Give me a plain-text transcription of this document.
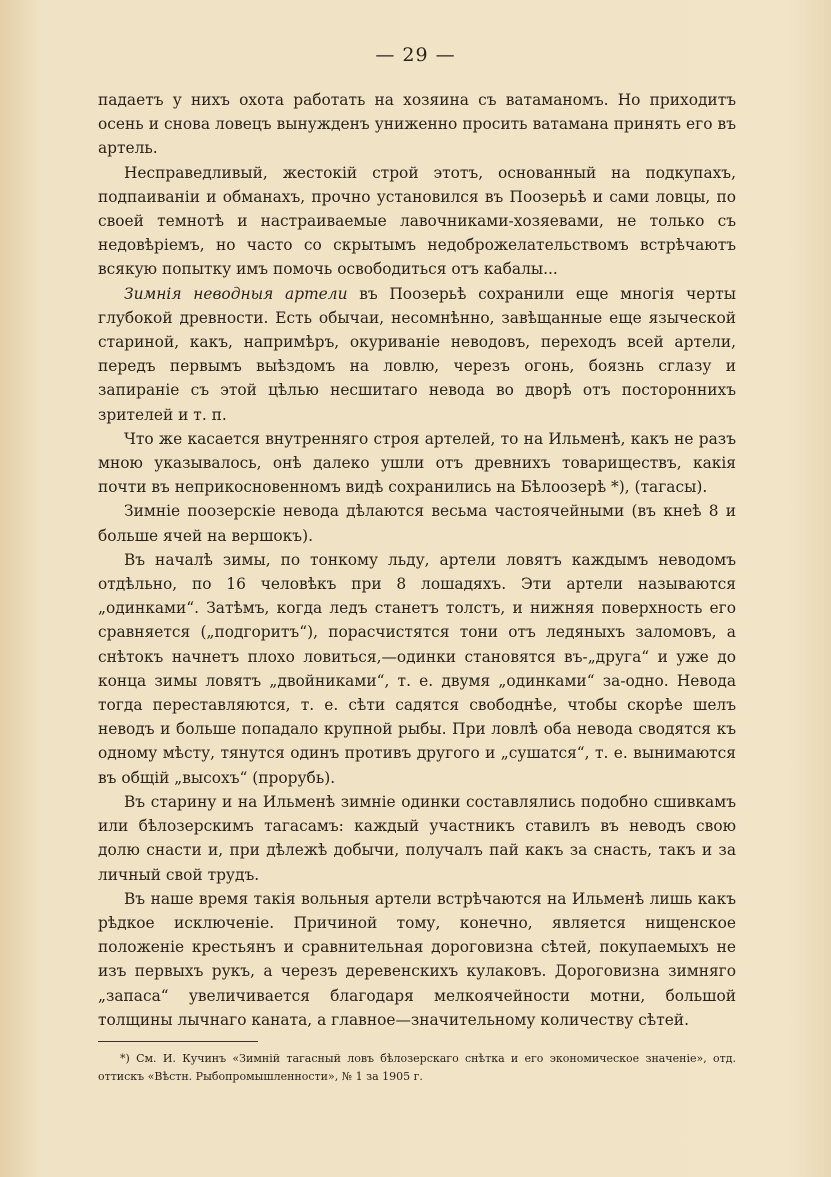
— 29 —

падаетъ у нихъ охота работать на хозяина съ ватаманомъ. Но приходитъ осень и снова ловецъ вынужденъ униженно просить ватамана принять его въ артель.

Несправедливый, жестокій строй этотъ, основанный на подкупахъ, подпаиваніи и обманахъ, прочно установился въ Поозерьѣ и сами ловцы, по своей темнотѣ и настраиваемые лавочниками-хозяевами, не только съ недовѣріемъ, но часто со скрытымъ недоброжелательствомъ встрѣчаютъ всякую попытку имъ помочь освободиться отъ кабалы...

Зимнія неводныя артели въ Поозерьѣ сохранили еще многія черты глубокой древности. Есть обычаи, несомнѣнно, завѣщанные еще языческой стариной, какъ, напримѣръ, окуриваніе неводовъ, переходъ всей артели, передъ первымъ выѣздомъ на ловлю, черезъ огонь, боязнь сглазу и запираніе съ этой цѣлью несшитаго невода во дворѣ отъ постороннихъ зрителей и т. п.

Что же касается внутренняго строя артелей, то на Ильменѣ, какъ не разъ мною указывалось, онѣ далеко ушли отъ древнихъ товариществъ, какія почти въ неприкосновенномъ видѣ сохранились на Бѣлоозерѣ *), (тагасы).

Зимніе поозерскіе невода дѣлаются весьма частоячейными (въ кнеѣ 8 и больше ячей на вершокъ).

Въ началѣ зимы, по тонкому льду, артели ловятъ каждымъ неводомъ отдѣльно, по 16 человѣкъ при 8 лошадяхъ. Эти артели называются „одинками“. Затѣмъ, когда ледъ станетъ толстъ, и нижняя поверхность его сравняется („подгоритъ“), порасчистятся тони отъ ледяныхъ заломовъ, а снѣтокъ начнетъ плохо ловиться,—одинки становятся въ-„друга“ и уже до конца зимы ловятъ „двойниками“, т. е. двумя „одинками“ за-одно. Невода тогда переставляются, т. е. сѣти садятся свободнѣе, чтобы скорѣе шелъ неводъ и больше попадало крупной рыбы. При ловлѣ оба невода сводятся къ одному мѣсту, тянутся одинъ противъ другого и „сушатся“, т. е. вынимаются въ общій „высохъ“ (прорубь).

Въ старину и на Ильменѣ зимніе одинки составлялись подобно сшивкамъ или бѣлозерскимъ тагасамъ: каждый участникъ ставилъ въ неводъ свою долю снасти и, при дѣлежѣ добычи, получалъ пай какъ за снасть, такъ и за личный свой трудъ.

Въ наше время такія вольныя артели встрѣчаются на Ильменѣ лишь какъ рѣдкое исключеніе. Причиной тому, конечно, является нищенское положеніе крестьянъ и сравнительная дороговизна сѣтей, покупаемыхъ не изъ первыхъ рукъ, а черезъ деревенскихъ кулаковъ. Дороговизна зимняго „запаса“ увеличивается благодаря мелкоячейности мотни, большой толщины лычнаго каната, а главное—значительному количеству сѣтей.

*) См. И. Кучинъ «Зимній тагасный ловъ бѣлозерскаго снѣтка и его экономическое значеніе», отд. оттискъ «Вѣстн. Рыбопромышленности», № 1 за 1905 г.
